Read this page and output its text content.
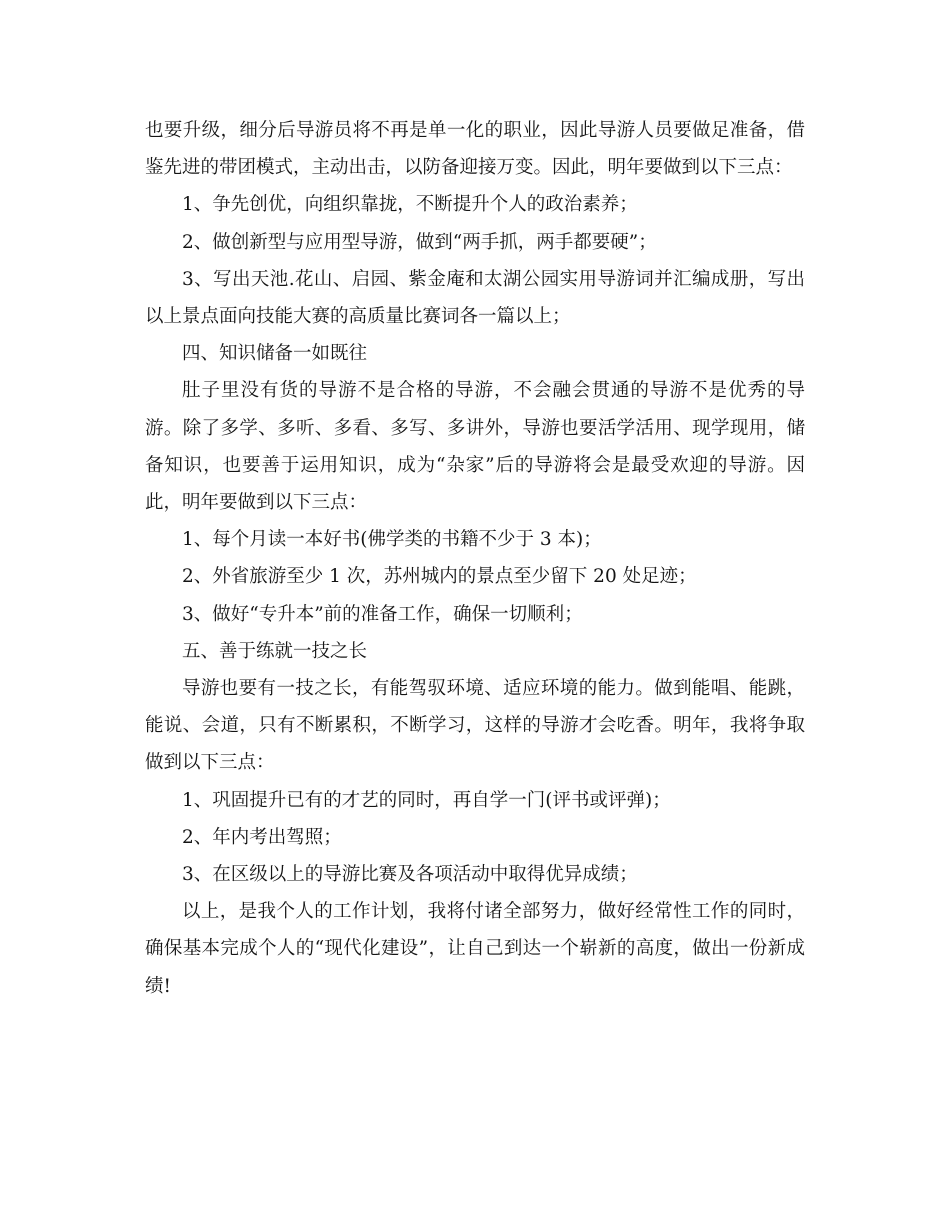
也要升级，细分后导游员将不再是单一化的职业，因此导游人员要做足准备，借鉴先进的带团模式，主动出击，以防备迎接万变。因此，明年要做到以下三点：

1、争先创优，向组织靠拢，不断提升个人的政治素养；

2、做创新型与应用型导游，做到“两手抓，两手都要硬”；

3、写出天池.花山、启园、紫金庵和太湖公园实用导游词并汇编成册，写出以上景点面向技能大赛的高质量比赛词各一篇以上；

四、知识储备一如既往

肚子里没有货的导游不是合格的导游，不会融会贯通的导游不是优秀的导游。除了多学、多听、多看、多写、多讲外，导游也要活学活用、现学现用，储备知识，也要善于运用知识，成为“杂家”后的导游将会是最受欢迎的导游。因此，明年要做到以下三点：

1、每个月读一本好书(佛学类的书籍不少于 3 本)；

2、外省旅游至少 1 次，苏州城内的景点至少留下 20 处足迹；

3、做好“专升本”前的准备工作，确保一切顺利；

五、善于练就一技之长

导游也要有一技之长，有能驾驭环境、适应环境的能力。做到能唱、能跳，能说、会道，只有不断累积，不断学习，这样的导游才会吃香。明年，我将争取做到以下三点：

1、巩固提升已有的才艺的同时，再自学一门(评书或评弹)；

2、年内考出驾照；

3、在区级以上的导游比赛及各项活动中取得优异成绩；

以上，是我个人的工作计划，我将付诸全部努力，做好经常性工作的同时，确保基本完成个人的“现代化建设”，让自己到达一个崭新的高度，做出一份新成绩!
